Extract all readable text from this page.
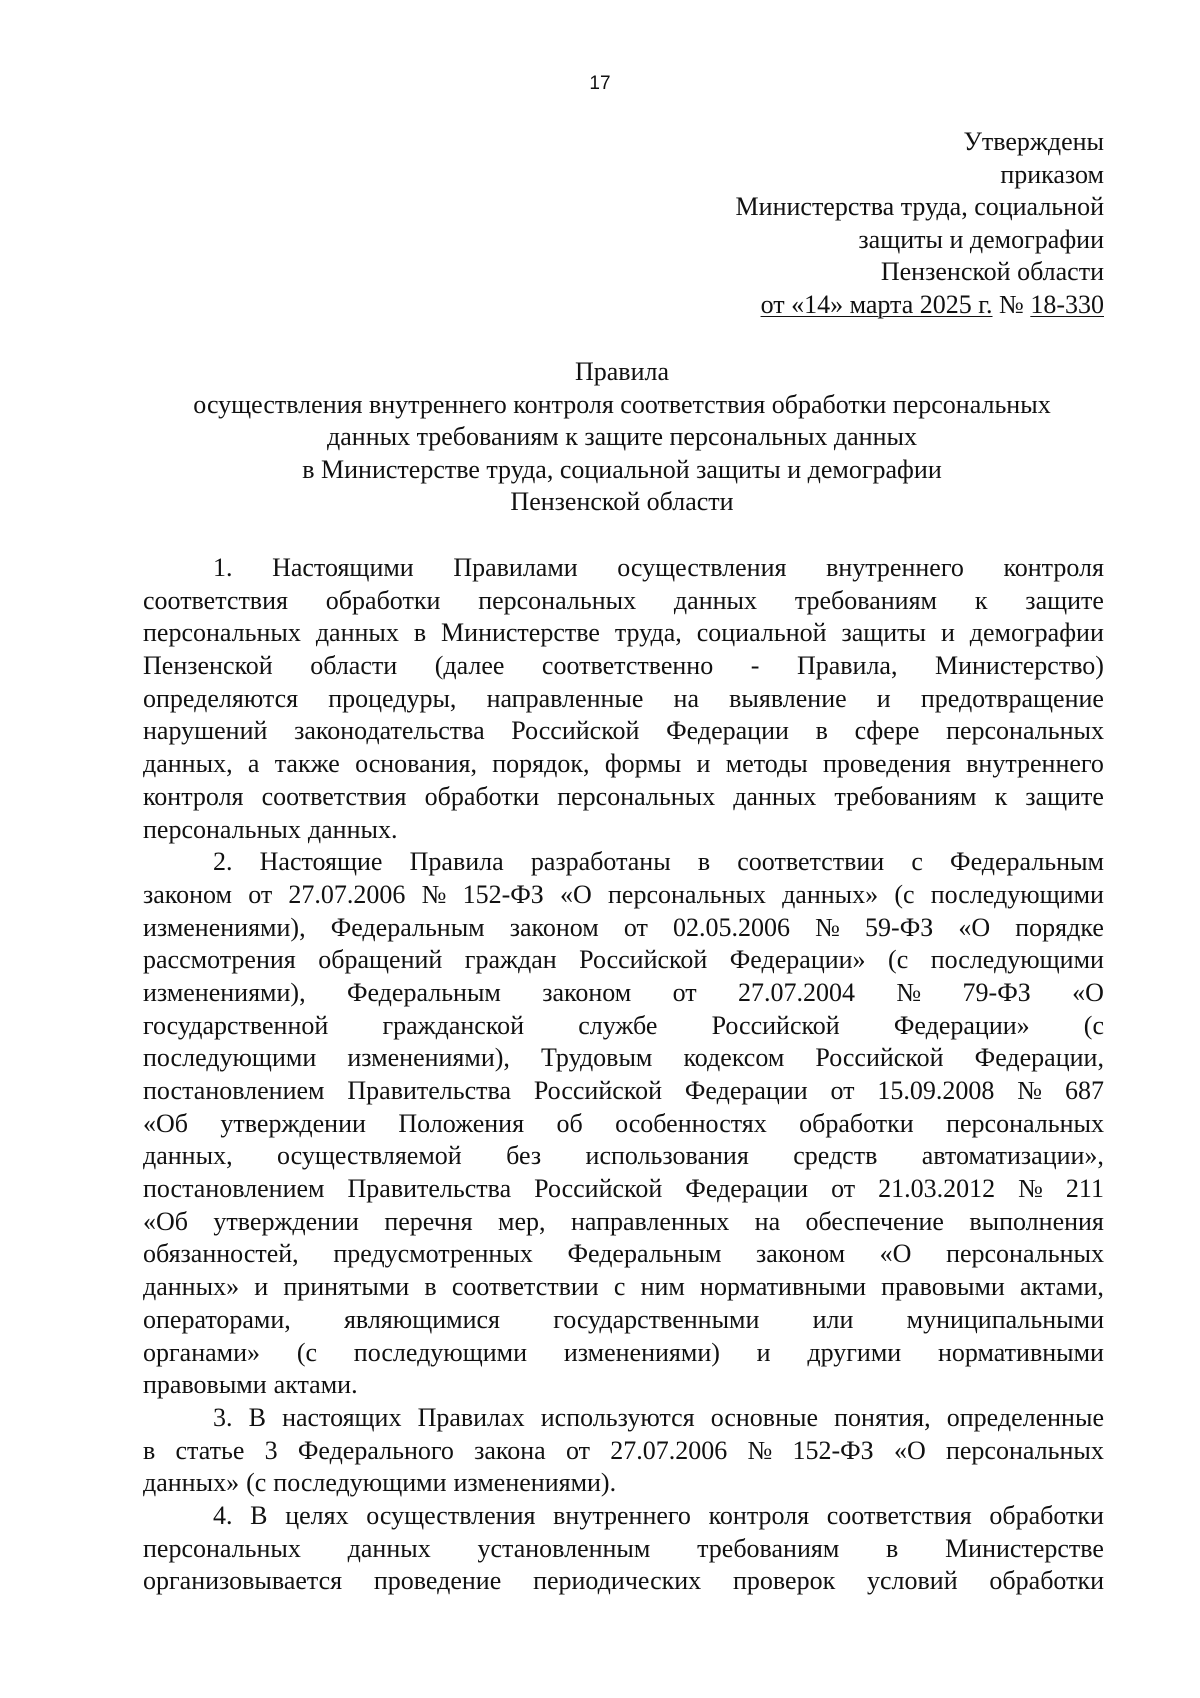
17
Утверждены
приказом
Министерства труда, социальной
защиты и демографии
Пензенской области
от «14» марта 2025 г. № 18-330
Правила
осуществления внутреннего контроля соответствия обработки персональных
данных требованиям к защите персональных данных
в Министерстве труда, социальной защиты и демографии
Пензенской области
1. Настоящими Правилами осуществления внутреннего контроля
соответствия обработки персональных данных требованиям к защите
персональных данных в Министерстве труда, социальной защиты и демографии
Пензенской области (далее соответственно - Правила, Министерство)
определяются процедуры, направленные на выявление и предотвращение
нарушений законодательства Российской Федерации в сфере персональных
данных, а также основания, порядок, формы и методы проведения внутреннего
контроля соответствия обработки персональных данных требованиям к защите
персональных данных.
2. Настоящие Правила разработаны в соответствии с Федеральным
законом от 27.07.2006 № 152-ФЗ «О персональных данных» (с последующими
изменениями), Федеральным законом от 02.05.2006 № 59-ФЗ «О порядке
рассмотрения обращений граждан Российской Федерации» (с последующими
изменениями), Федеральным законом от 27.07.2004 № 79-ФЗ «О
государственной гражданской службе Российской Федерации» (с
последующими изменениями), Трудовым кодексом Российской Федерации,
постановлением Правительства Российской Федерации от 15.09.2008 № 687
«Об утверждении Положения об особенностях обработки персональных
данных, осуществляемой без использования средств автоматизации»,
постановлением Правительства Российской Федерации от 21.03.2012 № 211
«Об утверждении перечня мер, направленных на обеспечение выполнения
обязанностей, предусмотренных Федеральным законом «О персональных
данных» и принятыми в соответствии с ним нормативными правовыми актами,
операторами, являющимися государственными или муниципальными
органами» (с последующими изменениями) и другими нормативными
правовыми актами.
3. В настоящих Правилах используются основные понятия, определенные
в статье 3 Федерального закона от 27.07.2006 № 152-ФЗ «О персональных
данных» (с последующими изменениями).
4. В целях осуществления внутреннего контроля соответствия обработки
персональных данных установленным требованиям в Министерстве
организовывается проведение периодических проверок условий обработки
